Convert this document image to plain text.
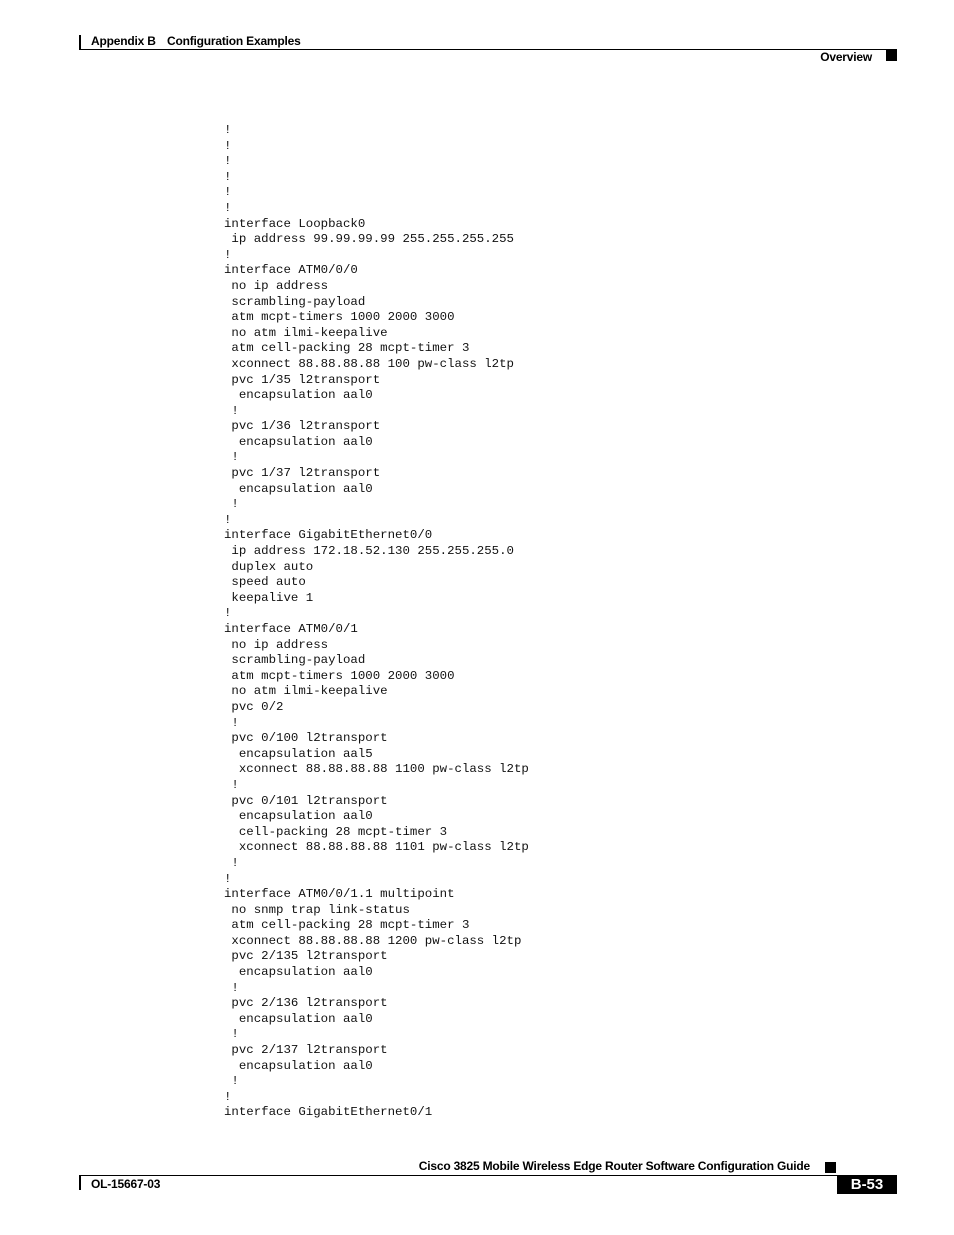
Appendix B Configuration Examples
Overview
!
!
!
!
!
!
interface Loopback0
ip address 99.99.99.99 255.255.255.255
!
interface ATM0/0/0
no ip address
scrambling-payload
atm mcpt-timers 1000 2000 3000
no atm ilmi-keepalive
atm cell-packing 28 mcpt-timer 3
xconnect 88.88.88.88 100 pw-class l2tp
pvc 1/35 l2transport
encapsulation aal0
!
pvc 1/36 l2transport
encapsulation aal0
!
pvc 1/37 l2transport
encapsulation aal0
!
!
interface GigabitEthernet0/0
ip address 172.18.52.130 255.255.255.0
duplex auto
speed auto
keepalive 1
!
interface ATM0/0/1
no ip address
scrambling-payload
atm mcpt-timers 1000 2000 3000
no atm ilmi-keepalive
pvc 0/2
!
pvc 0/100 l2transport
encapsulation aal5
xconnect 88.88.88.88 1100 pw-class l2tp
!
pvc 0/101 l2transport
encapsulation aal0
cell-packing 28 mcpt-timer 3
xconnect 88.88.88.88 1101 pw-class l2tp
!
!
interface ATM0/0/1.1 multipoint
no snmp trap link-status
atm cell-packing 28 mcpt-timer 3
xconnect 88.88.88.88 1200 pw-class l2tp
pvc 2/135 l2transport
encapsulation aal0
!
pvc 2/136 l2transport
encapsulation aal0
!
pvc 2/137 l2transport
encapsulation aal0
!
!
interface GigabitEthernet0/1
Cisco 3825 Mobile Wireless Edge Router Software Configuration Guide
OL-15667-03	B-53
